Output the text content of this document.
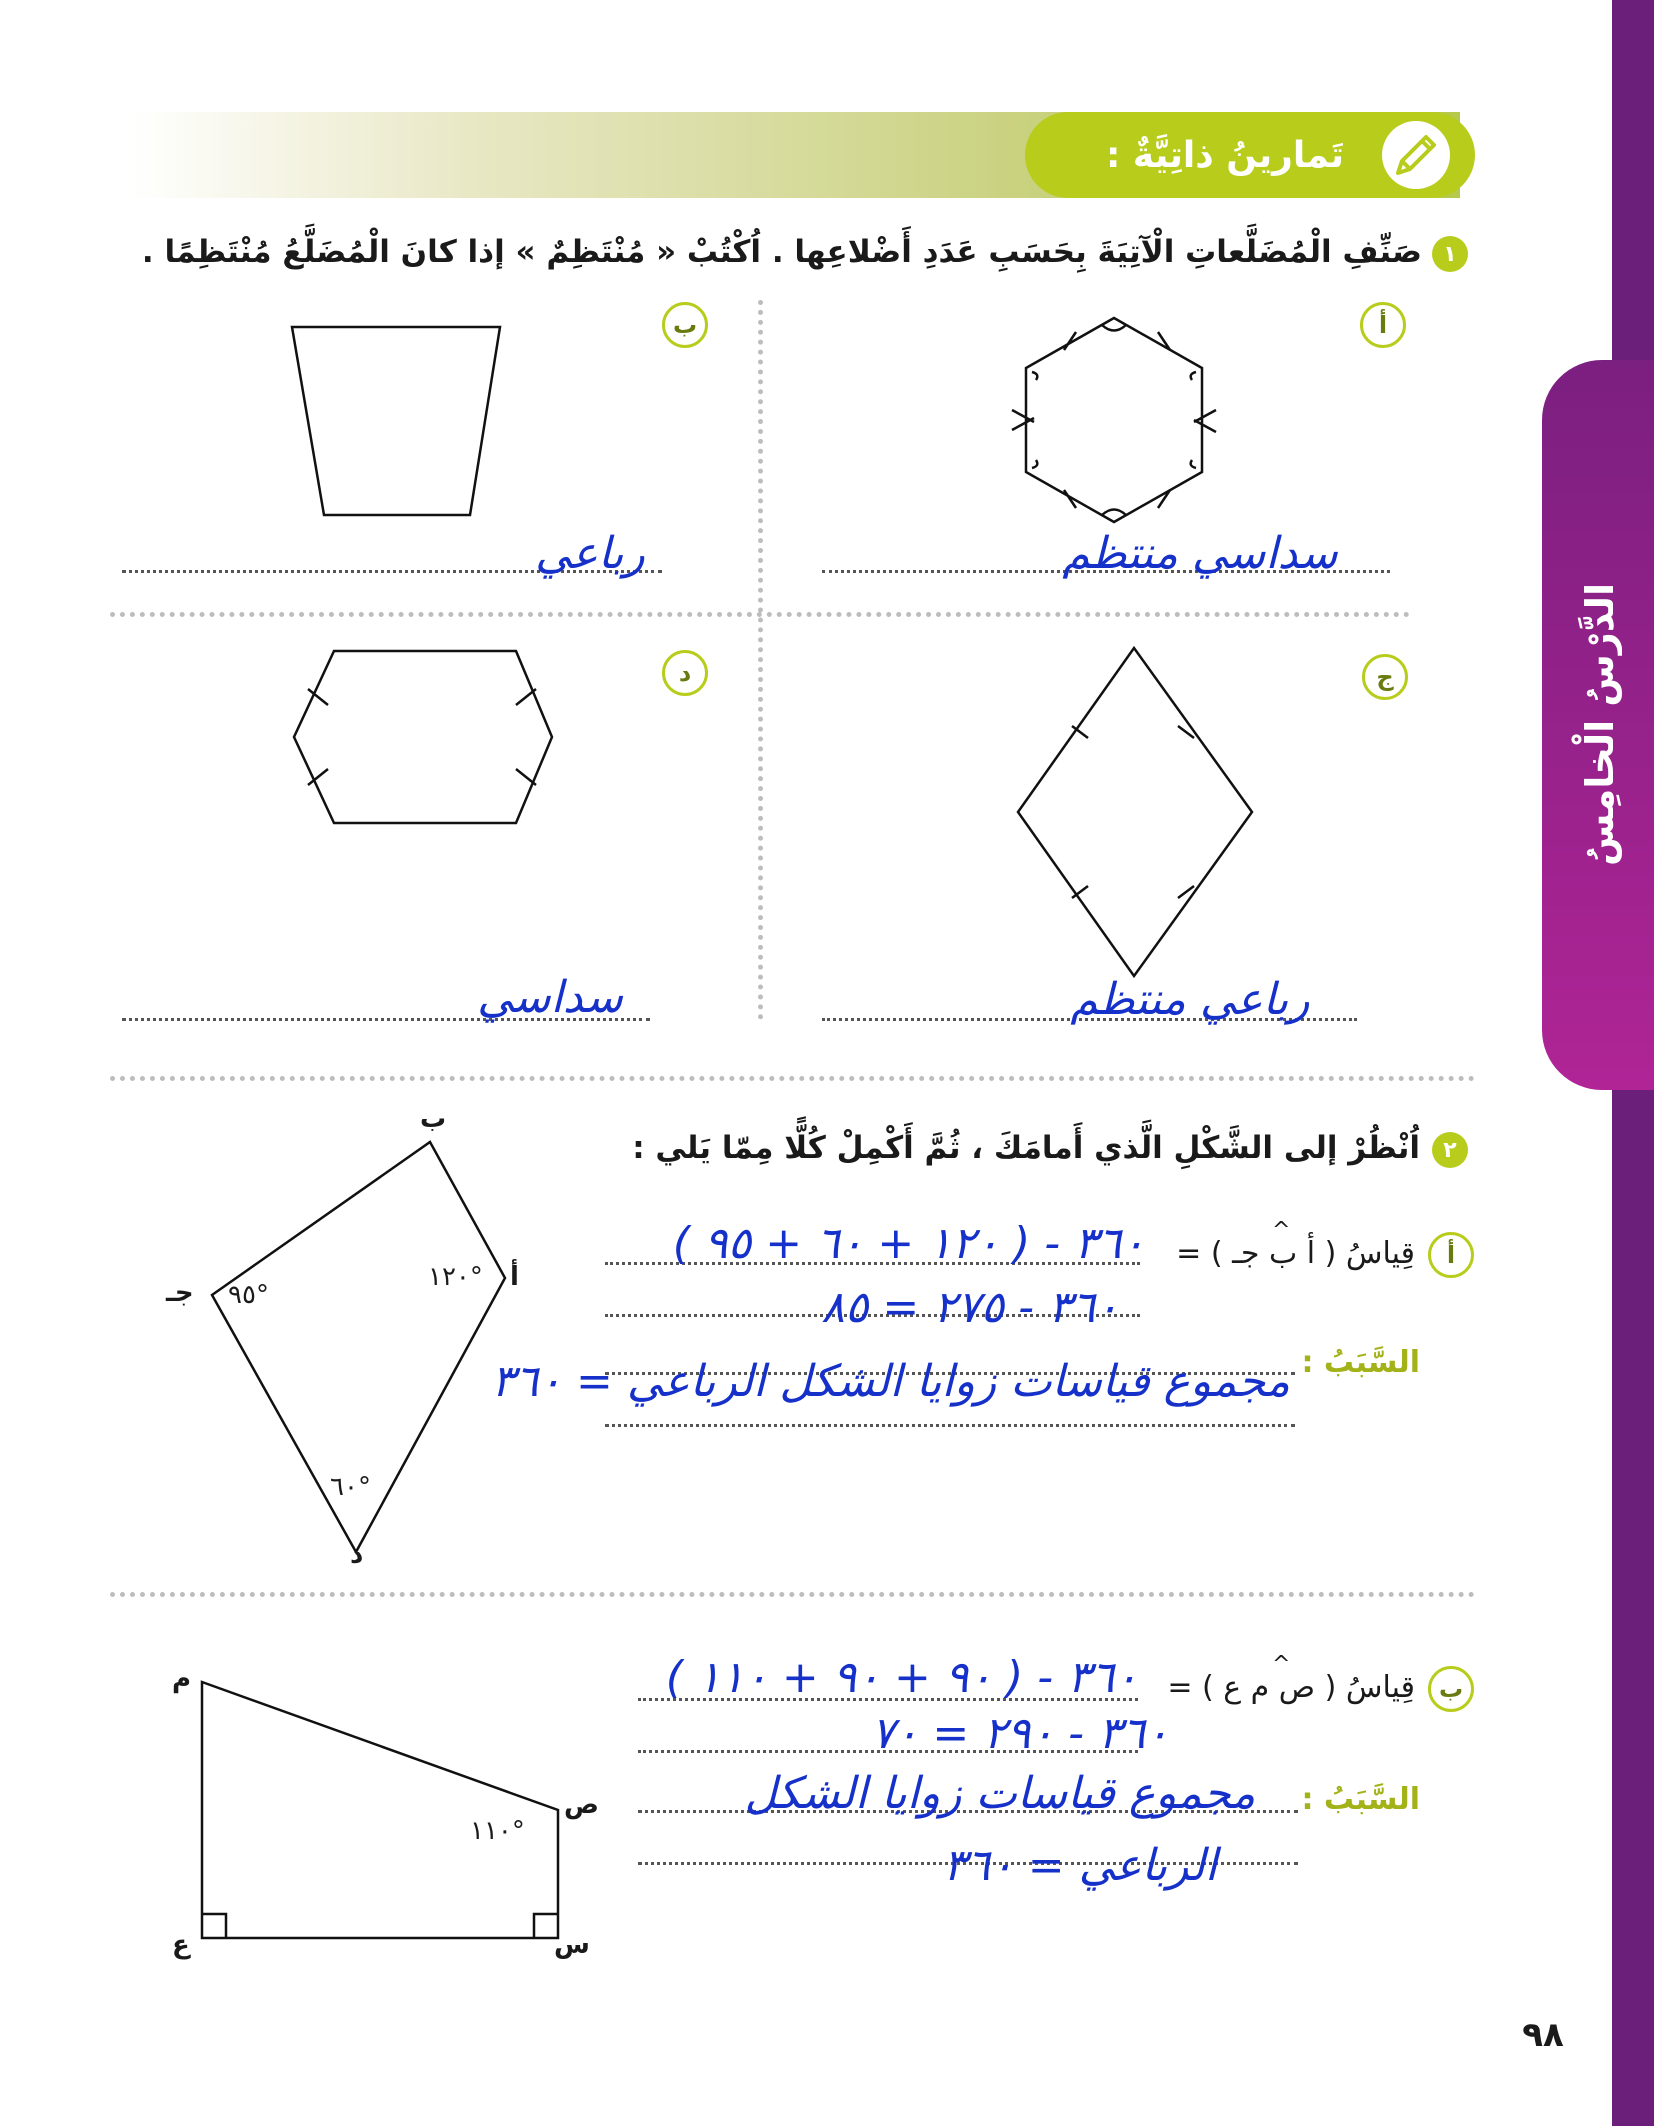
الدَّرْسُ الْخامِسُ
تَمارينُ ذاتِيَّةٌ :
١
صَنِّفِ الْمُضَلَّعاتِ الْآتِيَةَ بِحَسَبِ عَدَدِ أَضْلاعِها . اُكْتُبْ « مُنْتَظِمٌ » إذا كانَ الْمُضَلَّعُ مُنْتَظِمًا .
أ
سداسي منتظم
ب
رباعي
ج
رباعي منتظم
د
سداسي
٢
اُنْظُرْ إلى الشَّكْلِ الَّذي أَمامَكَ ، ثُمَّ أَكْمِلْ كُلًّا مِمّا يَلي :
أ
قِياسُ ( ﺃ ب جـ ) =
^
٣٦٠ - ( ١٢٠ + ٦٠ + ٩٥ )
٣٦٠ - ٢٧٥ = ٨٥
السَّبَبُ :
مجموع قياسات زوايا الشكل الرباعي = ٣٦٠
ب
ﺃ
جـ
د
١٢٠°
٩٥°
٦٠°
ب
قِياسُ ( ص م ع ) =
^
٣٦٠ - ( ٩٠ + ٩٠ + ١١٠ )
٣٦٠ - ٢٩٠ = ٧٠
السَّبَبُ :
مجموع قياسات زوايا الشكل
الرباعي = ٣٦٠
م
ص
س
ع
١١٠°
٩٨
